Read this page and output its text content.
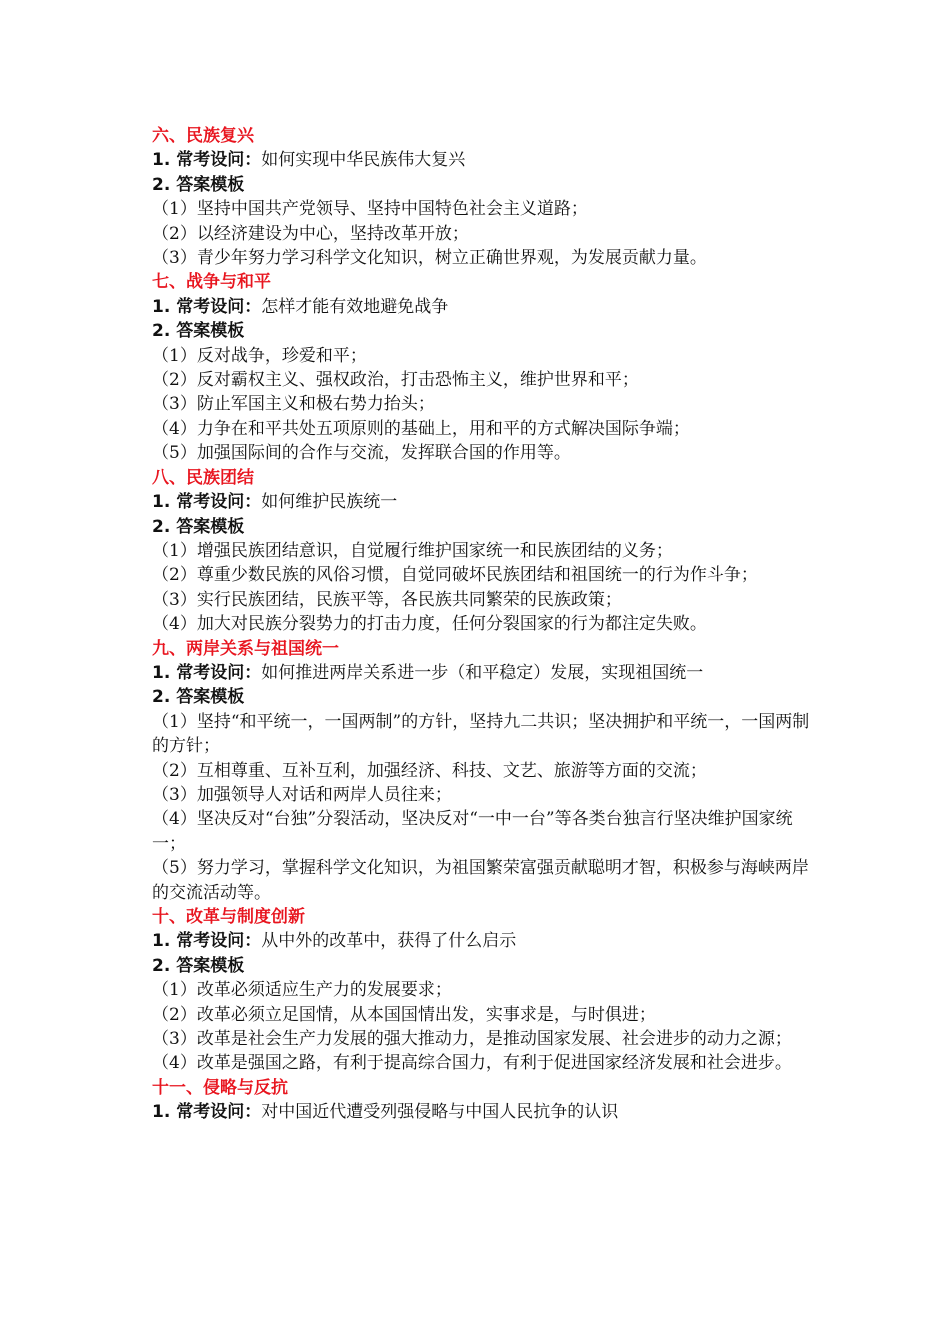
六、民族复兴
1. 常考设问：如何实现中华民族伟大复兴
2. 答案模板
（1）坚持中国共产党领导、坚持中国特色社会主义道路；
（2）以经济建设为中心，坚持改革开放；
（3）青少年努力学习科学文化知识，树立正确世界观，为发展贡献力量。
七、战争与和平
1. 常考设问：怎样才能有效地避免战争
2. 答案模板
（1）反对战争，珍爱和平；
（2）反对霸权主义、强权政治，打击恐怖主义，维护世界和平；
（3）防止军国主义和极右势力抬头；
（4）力争在和平共处五项原则的基础上，用和平的方式解决国际争端；
（5）加强国际间的合作与交流，发挥联合国的作用等。
八、民族团结
1. 常考设问：如何维护民族统一
2. 答案模板
（1）增强民族团结意识，自觉履行维护国家统一和民族团结的义务；
（2）尊重少数民族的风俗习惯，自觉同破坏民族团结和祖国统一的行为作斗争；
（3）实行民族团结，民族平等，各民族共同繁荣的民族政策；
（4）加大对民族分裂势力的打击力度，任何分裂国家的行为都注定失败。
九、两岸关系与祖国统一
1. 常考设问：如何推进两岸关系进一步（和平稳定）发展，实现祖国统一
2. 答案模板
（1）坚持“和平统一，一国两制”的方针，坚持九二共识；坚决拥护和平统一，一国两制的方针；
（2）互相尊重、互补互利，加强经济、科技、文艺、旅游等方面的交流；
（3）加强领导人对话和两岸人员往来；
（4）坚决反对“台独”分裂活动，坚决反对“一中一台”等各类台独言行坚决维护国家统一；
（5）努力学习，掌握科学文化知识，为祖国繁荣富强贡献聪明才智，积极参与海峡两岸的交流活动等。
十、改革与制度创新
1. 常考设问：从中外的改革中，获得了什么启示
2. 答案模板
（1）改革必须适应生产力的发展要求；
（2）改革必须立足国情，从本国国情出发，实事求是，与时俱进；
（3）改革是社会生产力发展的强大推动力，是推动国家发展、社会进步的动力之源；
（4）改革是强国之路，有利于提高综合国力，有利于促进国家经济发展和社会进步。
十一、侵略与反抗
1. 常考设问：对中国近代遭受列强侵略与中国人民抗争的认识
